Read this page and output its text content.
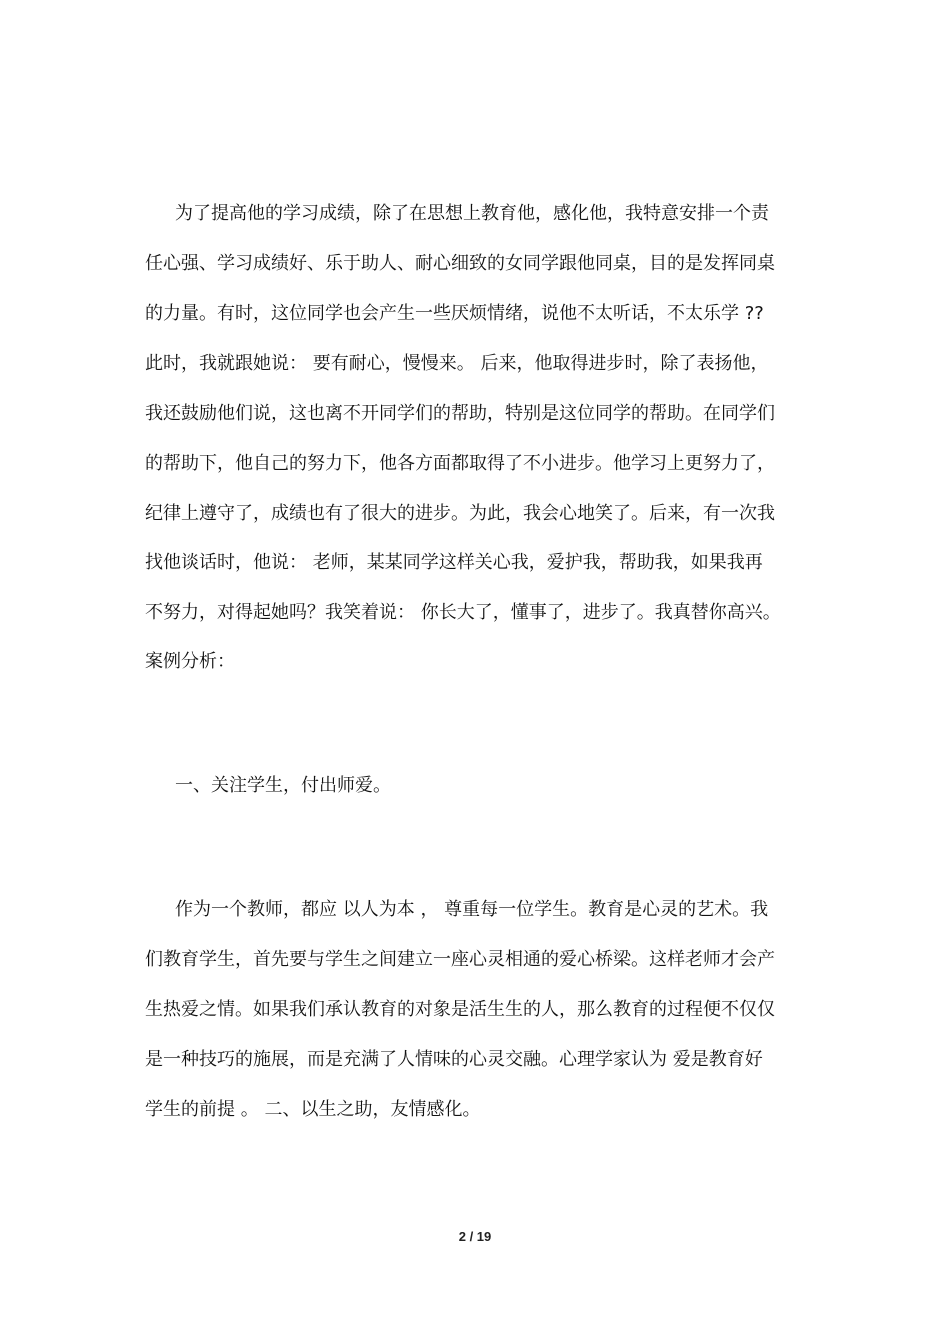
为了提高他的学习成绩，除了在思想上教育他，感化他，我特意安排一个责
任心强、学习成绩好、乐于助人、耐心细致的女同学跟他同桌，目的是发挥同桌
的力量。有时，这位同学也会产生一些厌烦情绪，说他不太听话，不太乐学 ??
此时，我就跟她说： 要有耐心，慢慢来。 后来，他取得进步时，除了表扬他，
我还鼓励他们说，这也离不开同学们的帮助，特别是这位同学的帮助。在同学们
的帮助下，他自己的努力下，他各方面都取得了不小进步。他学习上更努力了，
纪律上遵守了，成绩也有了很大的进步。为此，我会心地笑了。后来，有一次我
找他谈话时，他说： 老师，某某同学这样关心我，爱护我，帮助我，如果我再
不努力，对得起她吗？我笑着说： 你长大了，懂事了，进步了。我真替你高兴。
案例分析：
一、关注学生，付出师爱。
作为一个教师，都应 以人为本 ， 尊重每一位学生。教育是心灵的艺术。我
们教育学生，首先要与学生之间建立一座心灵相通的爱心桥梁。这样老师才会产
生热爱之情。如果我们承认教育的对象是活生生的人，那么教育的过程便不仅仅
是一种技巧的施展，而是充满了人情味的心灵交融。心理学家认为 爱是教育好
学生的前提 。 二、以生之助，友情感化。
2 / 19
